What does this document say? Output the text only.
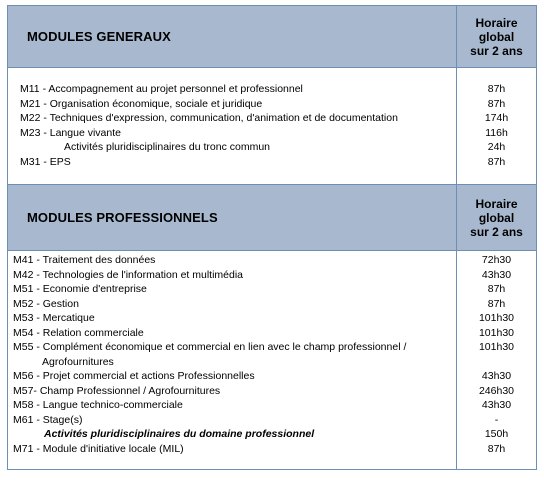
MODULES GENERAUX
Horaire
global
sur 2 ans
M11 - Accompagnement au projet personnel et professionnel
M21 - Organisation économique, sociale et juridique
M22 - Techniques d'expression, communication, d'animation et de documentation
M23 - Langue vivante
Activités pluridisciplinaires du tronc commun
M31 - EPS
87h
87h
174h
116h
24h
87h
MODULES PROFESSIONNELS
Horaire
global
sur 2 ans
M41 - Traitement des données
M42 - Technologies de l'information et multimédia
M51 - Economie d'entreprise
M52 - Gestion
M53 - Mercatique
M54 - Relation commerciale
M55 - Complément économique et commercial en lien avec le champ professionnel /
Agrofournitures
M56 - Projet commercial et actions Professionnelles
M57- Champ Professionnel / Agrofournitures
M58 - Langue technico-commerciale
M61 - Stage(s)
Activités pluridisciplinaires du domaine professionnel
M71 - Module d'initiative locale (MIL)
72h30
43h30
87h
87h
101h30
101h30
101h30
43h30
246h30
43h30
-
150h
87h
